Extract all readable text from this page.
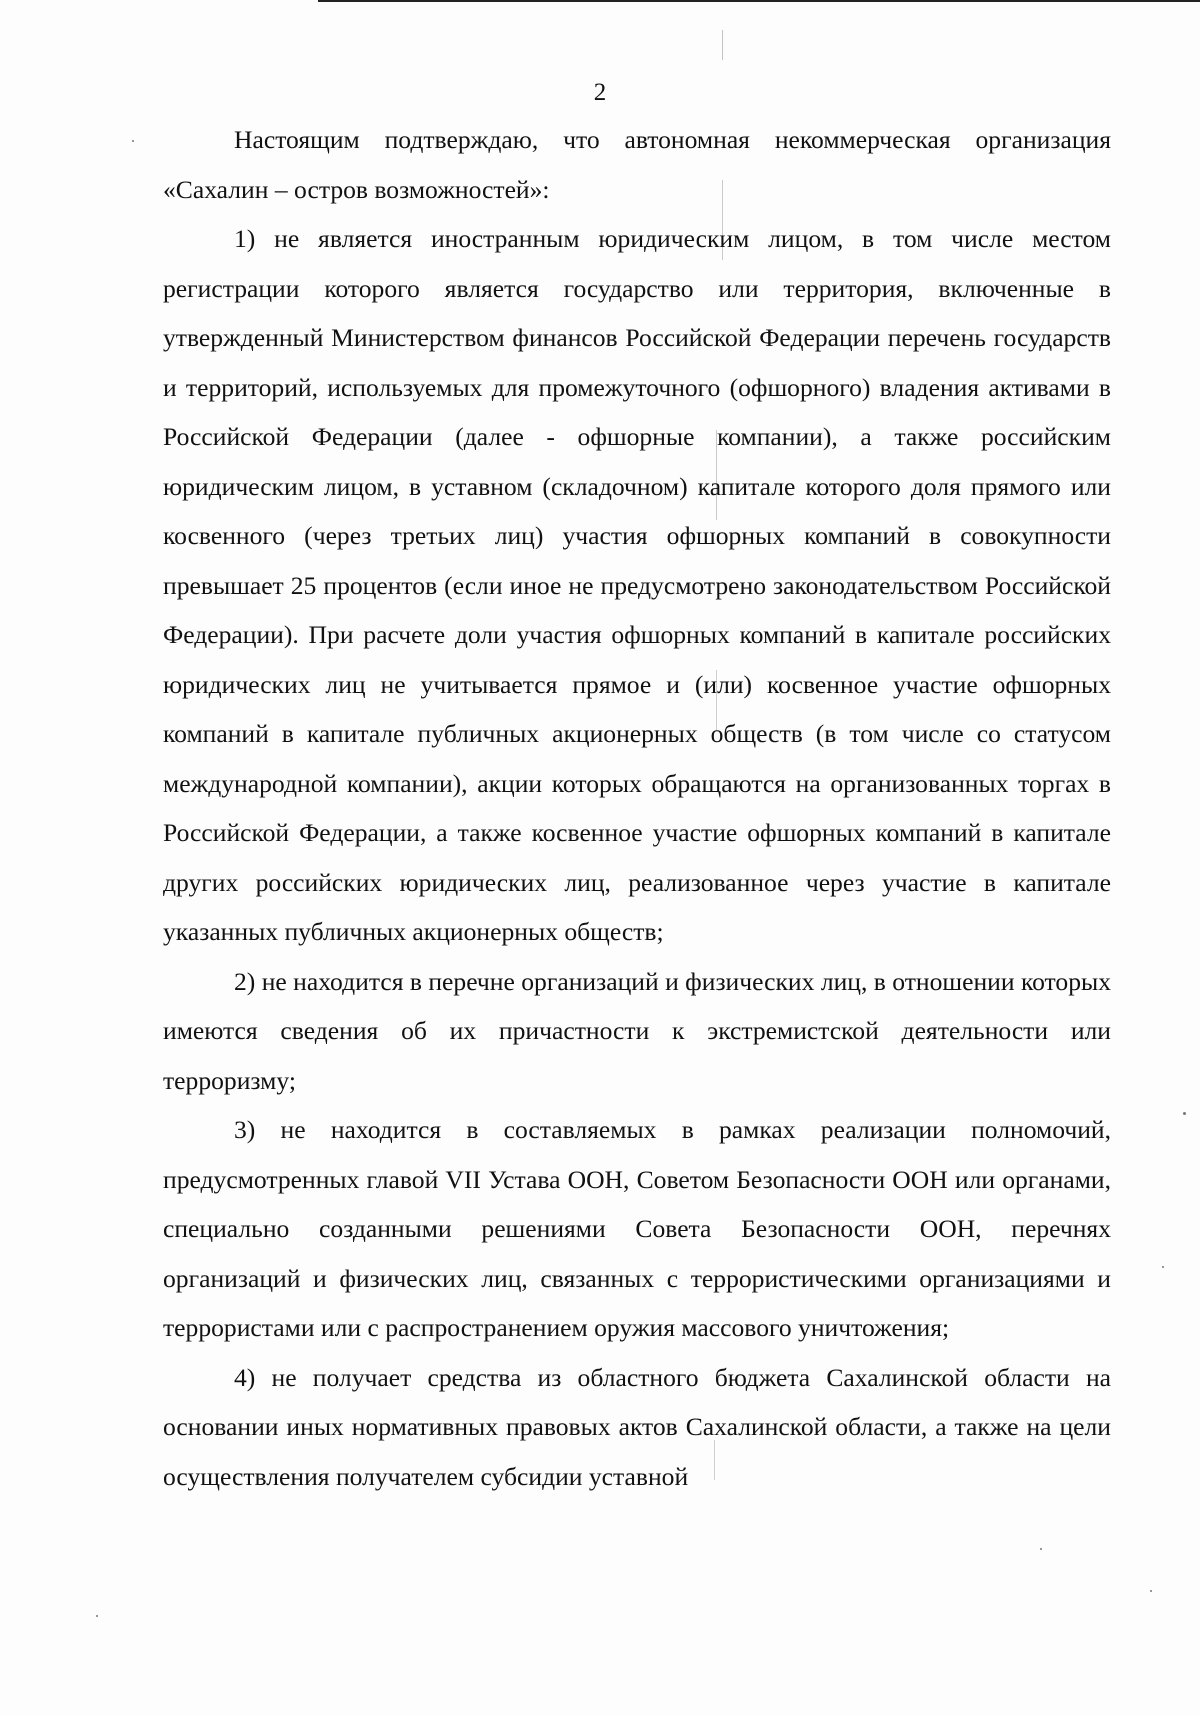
2

Настоящим подтверждаю, что автономная некоммерческая организация «Сахалин – остров возможностей»:

1) не является иностранным юридическим лицом, в том числе местом регистрации которого является государство или территория, включенные в утвержденный Министерством финансов Российской Федерации перечень государств и территорий, используемых для промежуточного (офшорного) владения активами в Российской Федерации (далее - офшорные компании), а также российским юридическим лицом, в уставном (складочном) капитале которого доля прямого или косвенного (через третьих лиц) участия офшорных компаний в совокупности превышает 25 процентов (если иное не предусмотрено законодательством Российской Федерации). При расчете доли участия офшорных компаний в капитале российских юридических лиц не учитывается прямое и (или) косвенное участие офшорных компаний в капитале публичных акционерных обществ (в том числе со статусом международной компании), акции которых обращаются на организованных торгах в Российской Федерации, а также косвенное участие офшорных компаний в капитале других российских юридических лиц, реализованное через участие в капитале указанных публичных акционерных обществ;

2) не находится в перечне организаций и физических лиц, в отношении которых имеются сведения об их причастности к экстремистской деятельности или терроризму;

3) не находится в составляемых в рамках реализации полномочий, предусмотренных главой VII Устава ООН, Советом Безопасности ООН или органами, специально созданными решениями Совета Безопасности ООН, перечнях организаций и физических лиц, связанных с террористическими организациями и террористами или с распространением оружия массового уничтожения;

4) не получает средства из областного бюджета Сахалинской области на основании иных нормативных правовых актов Сахалинской области, а также на цели осуществления получателем субсидии уставной
